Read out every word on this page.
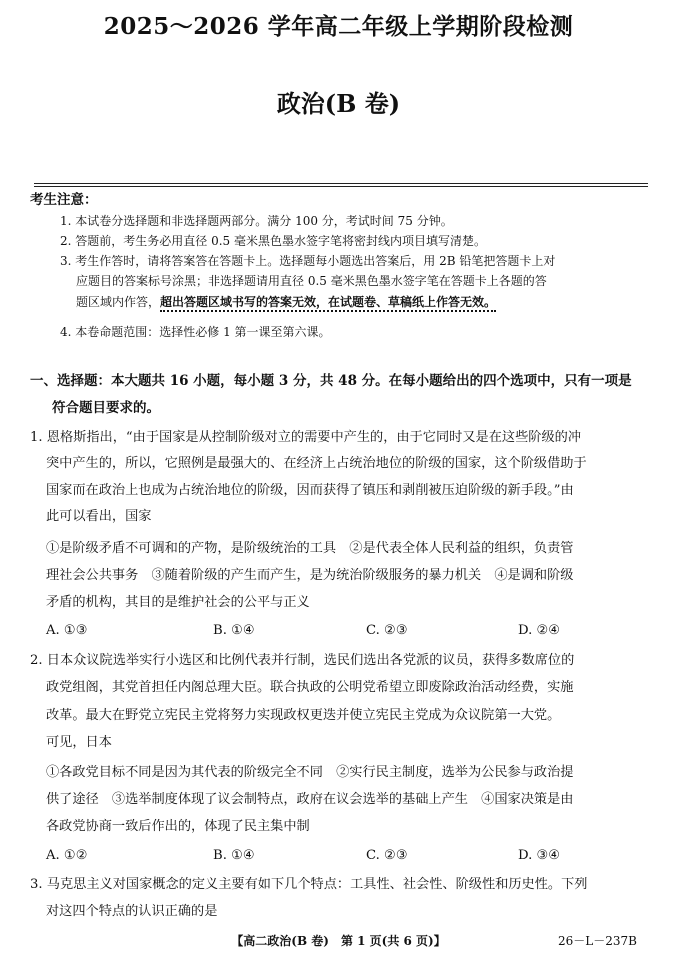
2025～2026 学年高二年级上学期阶段检测
政治(B 卷)
考生注意：
1. 本试卷分选择题和非选择题两部分。满分 100 分，考试时间 75 分钟。
2. 答题前，考生务必用直径 0.5 毫米黑色墨水签字笔将密封线内项目填写清楚。
3. 考生作答时，请将答案答在答题卡上。选择题每小题选出答案后，用 2B 铅笔把答题卡上对
应题目的答案标号涂黑；非选择题请用直径 0.5 毫米黑色墨水签字笔在答题卡上各题的答
题区域内作答，超出答题区域书写的答案无效，在试题卷、草稿纸上作答无效。
4. 本卷命题范围：选择性必修 1 第一课至第六课。
一、选择题：本大题共 16 小题，每小题 3 分，共 48 分。在每小题给出的四个选项中，只有一项是
符合题目要求的。
1. 恩格斯指出，“由于国家是从控制阶级对立的需要中产生的，由于它同时又是在这些阶级的冲
突中产生的，所以，它照例是最强大的、在经济上占统治地位的阶级的国家，这个阶级借助于
国家而在政治上也成为占统治地位的阶级，因而获得了镇压和剥削被压迫阶级的新手段。”由
此可以看出，国家
①是阶级矛盾不可调和的产物，是阶级统治的工具　②是代表全体人民利益的组织，负责管
理社会公共事务　③随着阶级的产生而产生，是为统治阶级服务的暴力机关　④是调和阶级
矛盾的机构，其目的是维护社会的公平与正义
A. ①③	B. ①④	C. ②③	D. ②④
2. 日本众议院选举实行小选区和比例代表并行制，选民们选出各党派的议员，获得多数席位的
政党组阁，其党首担任内阁总理大臣。联合执政的公明党希望立即废除政治活动经费，实施
改革。最大在野党立宪民主党将努力实现政权更迭并使立宪民主党成为众议院第一大党。
可见，日本
①各政党目标不同是因为其代表的阶级完全不同　②实行民主制度，选举为公民参与政治提
供了途径　③选举制度体现了议会制特点，政府在议会选举的基础上产生　④国家决策是由
各政党协商一致后作出的，体现了民主集中制
A. ①②	B. ①④	C. ②③	D. ③④
3. 马克思主义对国家概念的定义主要有如下几个特点：工具性、社会性、阶级性和历史性。下列
对这四个特点的认识正确的是
【高二政治(B 卷)　第 1 页(共 6 页)】	26－L－237B
